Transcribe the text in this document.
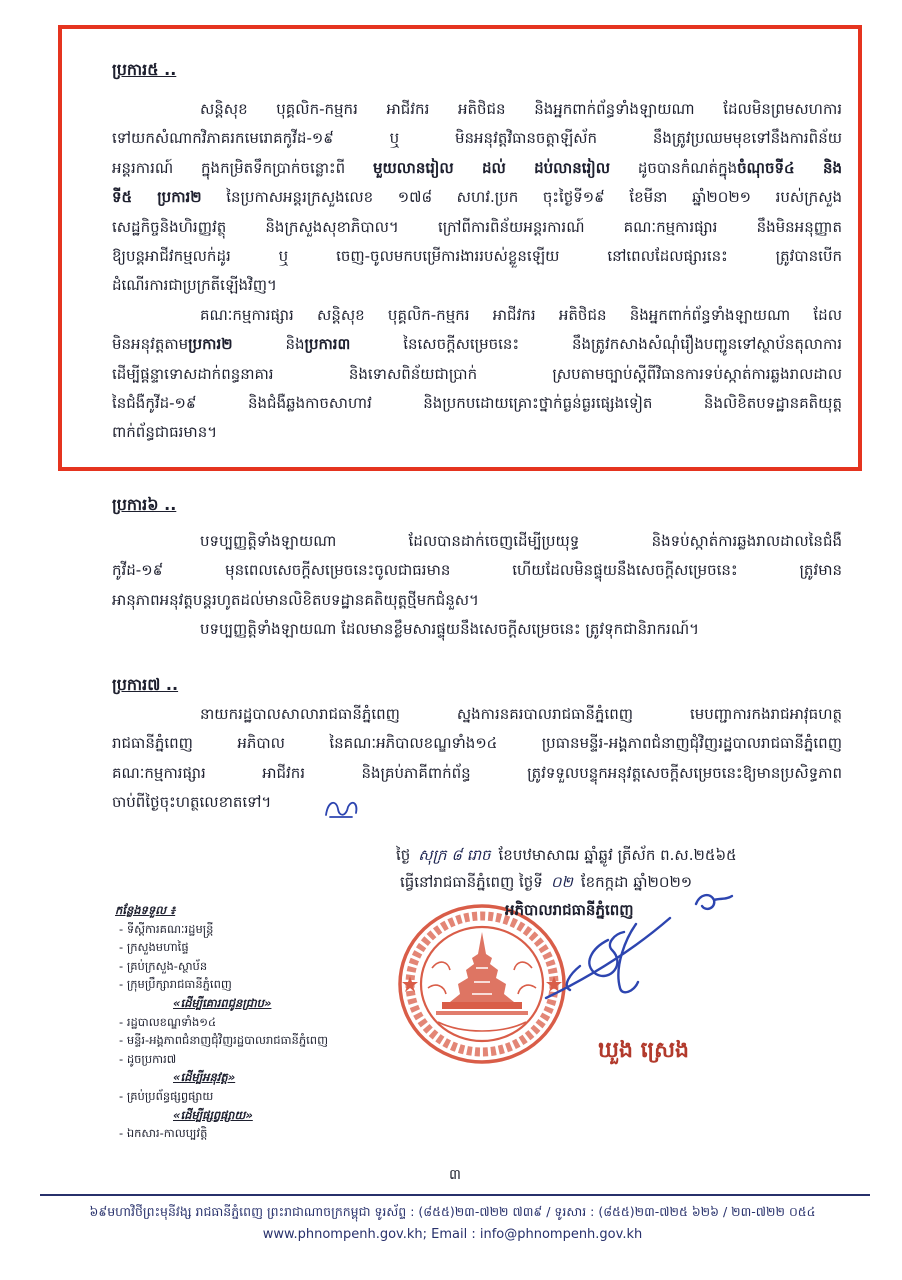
ប្រការ៥ ..
សន្តិសុខ បុគ្គលិក-កម្មករ អាជីវករ អតិថិជន និងអ្នកពាក់ព័ន្ធទាំងឡាយណា ដែលមិនព្រមសហការ
ទៅយកសំណាកវិភាគរកមេរោគកូវីដ-១៩ ឬ មិនអនុវត្តវិធានចត្តាឡីស័ក នឹងត្រូវប្រឈមមុខទៅនឹងការពិន័យ
អន្តរការណ៍ ក្នុងកម្រិតទឹកប្រាក់ចន្លោះពី មួយលានរៀល ដល់ ដប់លានរៀល ដូចបានកំណត់ក្នុងចំណុចទី៤ និង
ទី៥ ប្រការ២ នៃប្រកាសអន្តរក្រសួងលេខ ១៧៨ សហវ.ប្រក ចុះថ្ងៃទី១៩ ខែមីនា ឆ្នាំ២០២១ របស់ក្រសួង
សេដ្ឋកិច្ចនិងហិរញ្ញវត្ថុ និងក្រសួងសុខាភិបាល។ ក្រៅពីការពិន័យអន្តរការណ៍ គណៈកម្មការផ្សារ នឹងមិនអនុញ្ញាត
ឱ្យបន្តអាជីវកម្មលក់ដូរ ឬ ចេញ-ចូលមកបម្រើការងាររបស់ខ្លួនឡើយ នៅពេលដែលផ្សារនេះ ត្រូវបានបើក
ដំណើរការជាប្រក្រតីឡើងវិញ។
គណៈកម្មការផ្សារ សន្តិសុខ បុគ្គលិក-កម្មករ អាជីវករ អតិថិជន និងអ្នកពាក់ព័ន្ធទាំងឡាយណា ដែល
មិនអនុវត្តតាមប្រការ២ និងប្រការ៣ នៃសេចក្តីសម្រេចនេះ នឹងត្រូវកសាងសំណុំរឿងបញ្ជូនទៅស្ថាប័នតុលាការ
ដើម្បីផ្តន្ទាទោសដាក់ពន្ធនាគារ និងទោសពិន័យជាប្រាក់ ស្របតាមច្បាប់ស្តីពីវិធានការទប់ស្កាត់ការឆ្លងរាលដាល
នៃជំងឺកូវីដ-១៩ និងជំងឺឆ្លងកាចសាហាវ និងប្រកបដោយគ្រោះថ្នាក់ធ្ងន់ធ្ងរផ្សេងទៀត និងលិខិតបទដ្ឋានគតិយុត្ត
ពាក់ព័ន្ធជាធរមាន។
ប្រការ៦ ..
បទប្បញ្ញត្តិទាំងឡាយណា ដែលបានដាក់ចេញដើម្បីប្រយុទ្ធ និងទប់ស្កាត់ការឆ្លងរាលដាលនៃជំងឺ
កូវីដ-១៩ មុនពេលសេចក្តីសម្រេចនេះចូលជាធរមាន ហើយដែលមិនផ្ទុយនឹងសេចក្តីសម្រេចនេះ ត្រូវមាន
អានុភាពអនុវត្តបន្តរហូតដល់មានលិខិតបទដ្ឋានគតិយុត្តថ្មីមកជំនួស។
បទប្បញ្ញត្តិទាំងឡាយណា ដែលមានខ្លឹមសារផ្ទុយនឹងសេចក្តីសម្រេចនេះ ត្រូវទុកជានិរាករណ៍។
ប្រការ៧ ..
នាយករដ្ឋបាលសាលារាជធានីភ្នំពេញ ស្នងការនគរបាលរាជធានីភ្នំពេញ មេបញ្ជាការកងរាជអាវុធហត្ថ
រាជធានីភ្នំពេញ អភិបាល នៃគណៈអភិបាលខណ្ឌទាំង១៤ ប្រធានមន្ទីរ-អង្គភាពជំនាញជុំវិញរដ្ឋបាលរាជធានីភ្នំពេញ
គណៈកម្មការផ្សារ អាជីវករ និងគ្រប់ភាគីពាក់ព័ន្ធ ត្រូវទទួលបន្ទុកអនុវត្តសេចក្តីសម្រេចនេះឱ្យមានប្រសិទ្ធភាព
ចាប់ពីថ្ងៃចុះហត្ថលេខាតទៅ។
ថ្ងៃ សុក្រ ៨ រោច ខែបឋមាសាឍ ឆ្នាំឆ្លូវ ត្រីស័ក ព.ស.២៥៦៥
ធ្វើនៅរាជធានីភ្នំពេញ ថ្ងៃទី ០២ ខែកក្កដា ឆ្នាំ២០២១
អភិបាលរាជធានីភ្នំពេញ
ឃួង ស្រេង
កន្លែងទទួល ៖
- ទីស្តីការគណៈរដ្ឋមន្ត្រី
- ក្រសួងមហាផ្ទៃ
- គ្រប់ក្រសួង-ស្ថាប័ន
- ក្រុមប្រឹក្សារាជធានីភ្នំពេញ
«ដើម្បីគោរពជូនជ្រាប»
- រដ្ឋបាលខណ្ឌទាំង១៤
- មន្ទីរ-អង្គភាពជំនាញជុំវិញរដ្ឋបាលរាជធានីភ្នំពេញ
- ដូចប្រការ៧
«ដើម្បីអនុវត្ត»
- គ្រប់ប្រព័ន្ធផ្សព្វផ្សាយ
«ដើម្បីផ្សព្វផ្សាយ»
- ឯកសារ-កាលប្បវត្តិ
៣
៦៩មហាវិថីព្រះមុនីវង្ស រាជធានីភ្នំពេញ ព្រះរាជាណាចក្រកម្ពុជា ទូរស័ព្ទ : (៨៥៥)២៣-៧២២ ៧៣៩ / ទូរសារ : (៨៥៥)២៣-៧២៥ ៦២៦ / ២៣-៧២២ ០៥៤
www.phnompenh.gov.kh; Email : info@phnompenh.gov.kh
